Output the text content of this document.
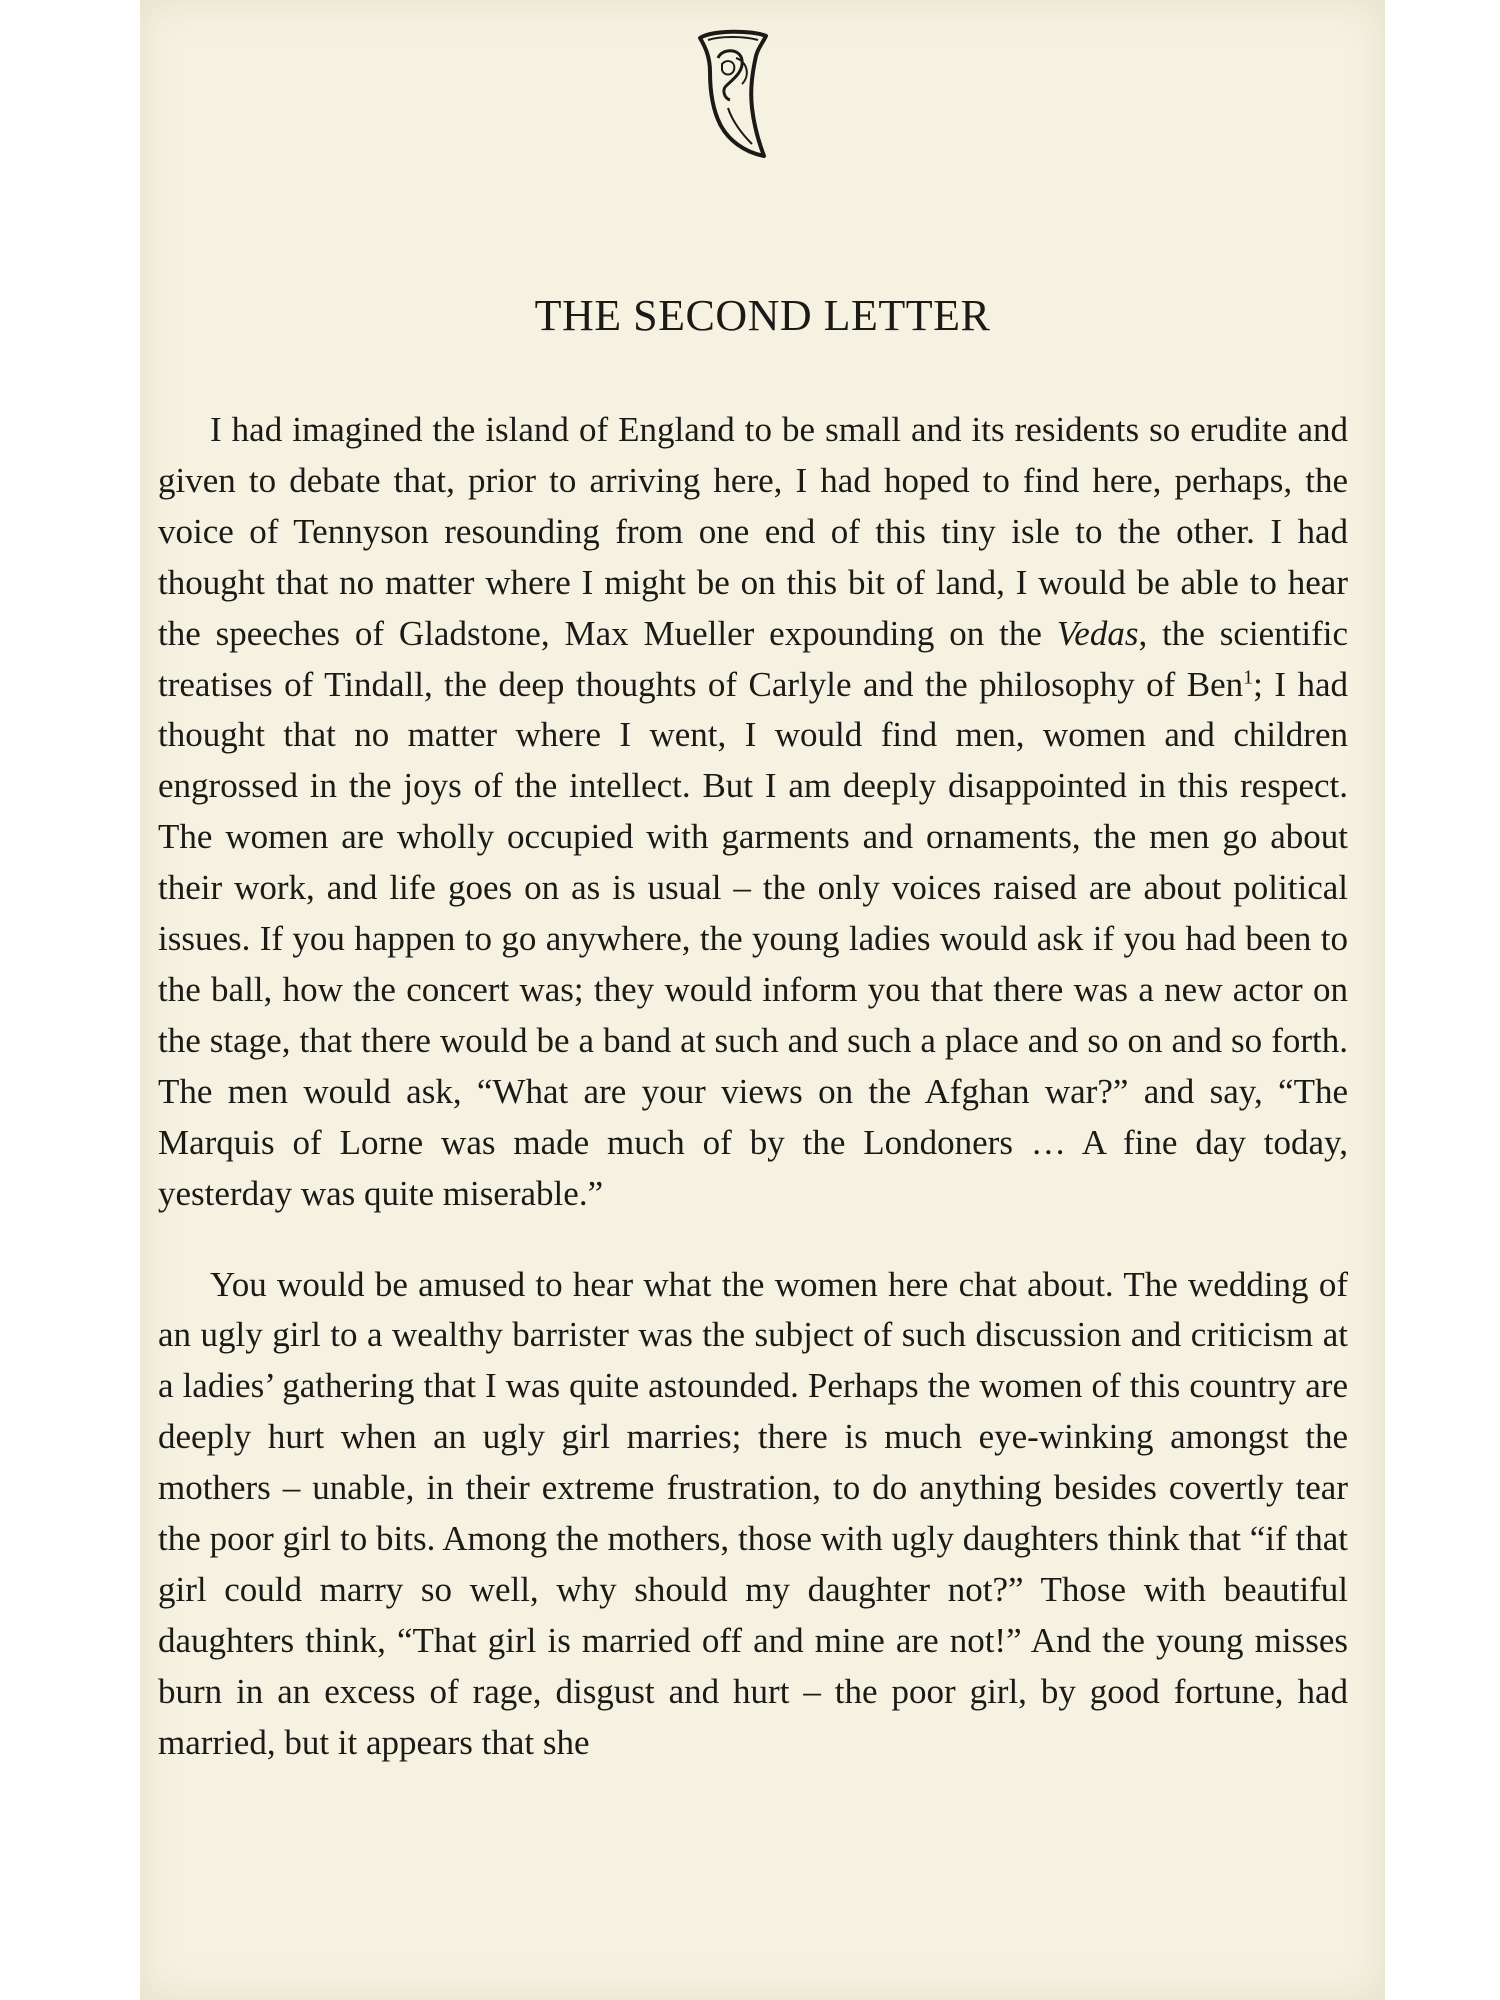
THE SECOND LETTER

I had imagined the island of England to be small and its residents so erudite and given to debate that, prior to arriving here, I had hoped to find here, perhaps, the voice of Tennyson resounding from one end of this tiny isle to the other. I had thought that no matter where I might be on this bit of land, I would be able to hear the speeches of Gladstone, Max Mueller expounding on the Vedas, the scientific treatises of Tindall, the deep thoughts of Carlyle and the philosophy of Ben$^1$; I had thought that no matter where I went, I would find men, women and children engrossed in the joys of the intellect. But I am deeply disappointed in this respect. The women are wholly occupied with garments and ornaments, the men go about their work, and life goes on as is usual – the only voices raised are about political issues. If you happen to go anywhere, the young ladies would ask if you had been to the ball, how the concert was; they would inform you that there was a new actor on the stage, that there would be a band at such and such a place and so on and so forth. The men would ask, “What are your views on the Afghan war?” and say, “The Marquis of Lorne was made much of by the Londoners … A fine day today, yesterday was quite miserable.”

You would be amused to hear what the women here chat about. The wedding of an ugly girl to a wealthy barrister was the subject of such discussion and criticism at a ladies’ gathering that I was quite astounded. Perhaps the women of this country are deeply hurt when an ugly girl marries; there is much eye-winking amongst the mothers – unable, in their extreme frustration, to do anything besides covertly tear the poor girl to bits. Among the mothers, those with ugly daughters think that “if that girl could marry so well, why should my daughter not?” Those with beautiful daughters think, “That girl is married off and mine are not!” And the young misses burn in an excess of rage, disgust and hurt – the poor girl, by good fortune, had married, but it appears that she
